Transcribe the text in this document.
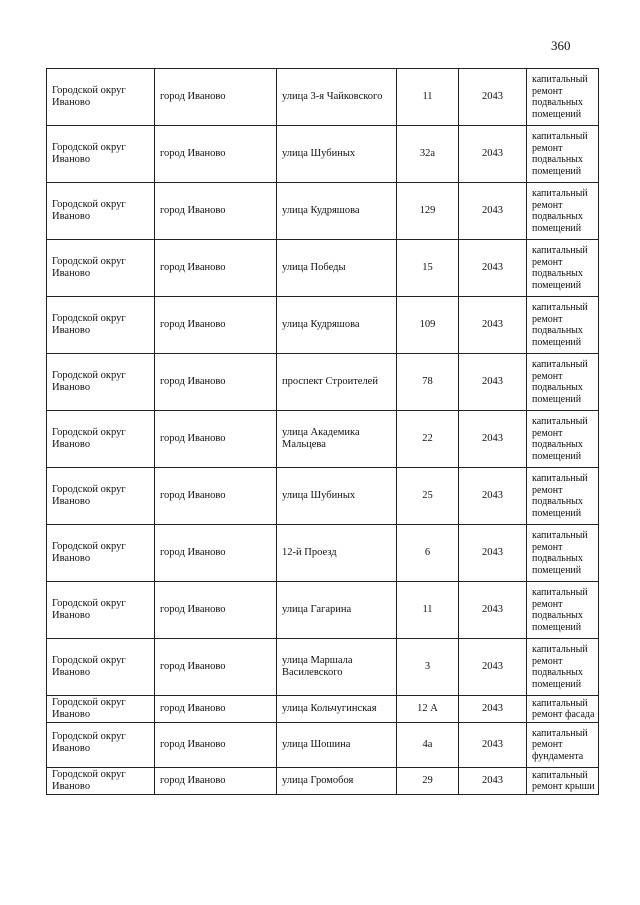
360
Городской округ Иваново	город Иваново	улица 3-я Чайковского	11	2043	капитальный ремонт подвальных помещений
Городской округ Иваново	город Иваново	улица Шубиных	32а	2043	капитальный ремонт подвальных помещений
Городской округ Иваново	город Иваново	улица Кудряшова	129	2043	капитальный ремонт подвальных помещений
Городской округ Иваново	город Иваново	улица Победы	15	2043	капитальный ремонт подвальных помещений
Городской округ Иваново	город Иваново	улица Кудряшова	109	2043	капитальный ремонт подвальных помещений
Городской округ Иваново	город Иваново	проспект Строителей	78	2043	капитальный ремонт подвальных помещений
Городской округ Иваново	город Иваново	улица Академика Мальцева	22	2043	капитальный ремонт подвальных помещений
Городской округ Иваново	город Иваново	улица Шубиных	25	2043	капитальный ремонт подвальных помещений
Городской округ Иваново	город Иваново	12-й Проезд	6	2043	капитальный ремонт подвальных помещений
Городской округ Иваново	город Иваново	улица Гагарина	11	2043	капитальный ремонт подвальных помещений
Городской округ Иваново	город Иваново	улица Маршала Василевского	3	2043	капитальный ремонт подвальных помещений
Городской округ Иваново	город Иваново	улица Кольчугинская	12 А	2043	капитальный ремонт фасада
Городской округ Иваново	город Иваново	улица Шошина	4а	2043	капитальный ремонт фундамента
Городской округ Иваново	город Иваново	улица Громобоя	29	2043	капитальный ремонт крыши
